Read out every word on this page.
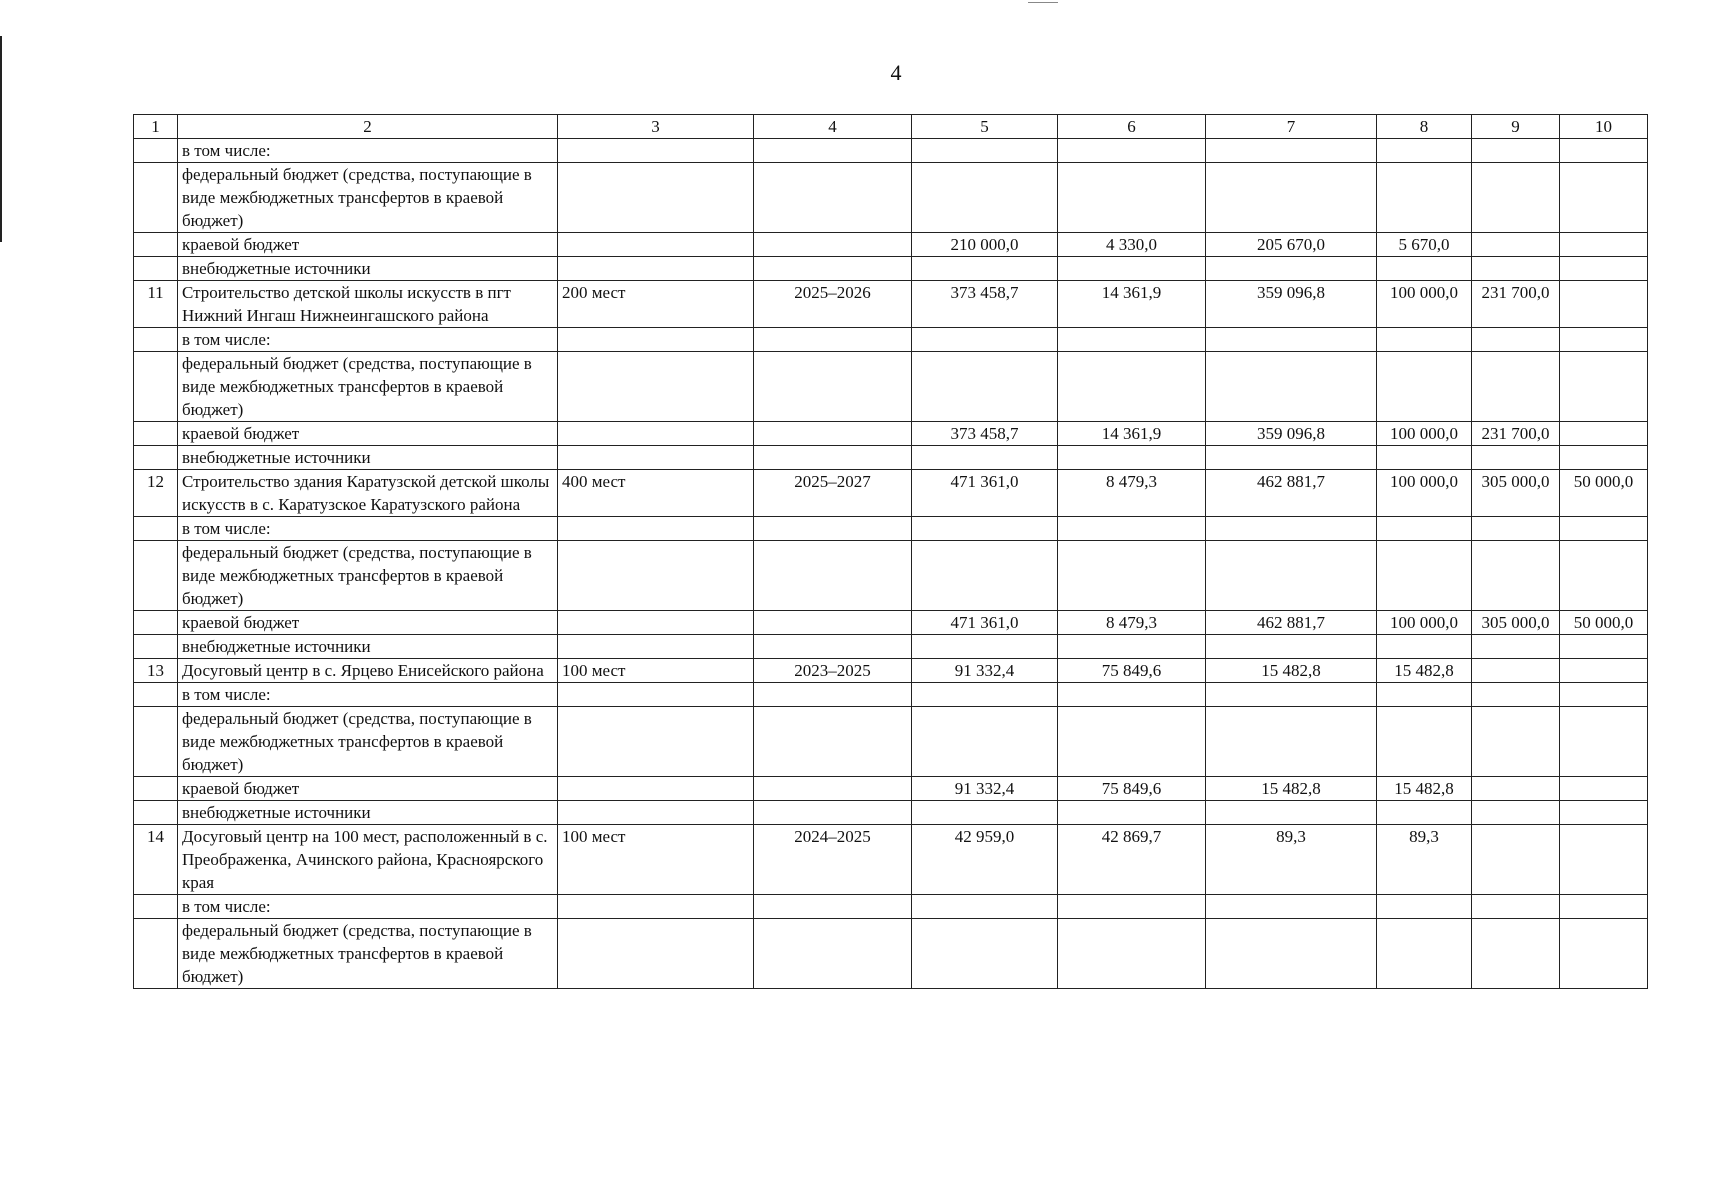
4
1	2	3	4	5	6	7	8	9	10
	в том числе:								
	федеральный бюджет (средства, поступающие в виде межбюджетных трансфертов в краевой бюджет)								
	краевой бюджет			210 000,0	4 330,0	205 670,0	5 670,0		
	внебюджетные источники								
11	Строительство детской школы искусств в пгт Нижний Ингаш Нижнеингашского района	200 мест	2025–2026	373 458,7	14 361,9	359 096,8	100 000,0	231 700,0	
	в том числе:								
	федеральный бюджет (средства, поступающие в виде межбюджетных трансфертов в краевой бюджет)								
	краевой бюджет			373 458,7	14 361,9	359 096,8	100 000,0	231 700,0	
	внебюджетные источники								
12	Строительство здания Каратузской детской школы искусств в с. Каратузское Каратузского района	400 мест	2025–2027	471 361,0	8 479,3	462 881,7	100 000,0	305 000,0	50 000,0
	в том числе:								
	федеральный бюджет (средства, поступающие в виде межбюджетных трансфертов в краевой бюджет)								
	краевой бюджет			471 361,0	8 479,3	462 881,7	100 000,0	305 000,0	50 000,0
	внебюджетные источники								
13	Досуговый центр в с. Ярцево Енисейского района	100 мест	2023–2025	91 332,4	75 849,6	15 482,8	15 482,8		
	в том числе:								
	федеральный бюджет (средства, поступающие в виде межбюджетных трансфертов в краевой бюджет)								
	краевой бюджет			91 332,4	75 849,6	15 482,8	15 482,8		
	внебюджетные источники								
14	Досуговый центр на 100 мест, расположенный в с. Преображенка, Ачинского района, Красноярского края	100 мест	2024–2025	42 959,0	42 869,7	89,3	89,3		
	в том числе:								
	федеральный бюджет (средства, поступающие в виде межбюджетных трансфертов в краевой бюджет)								
